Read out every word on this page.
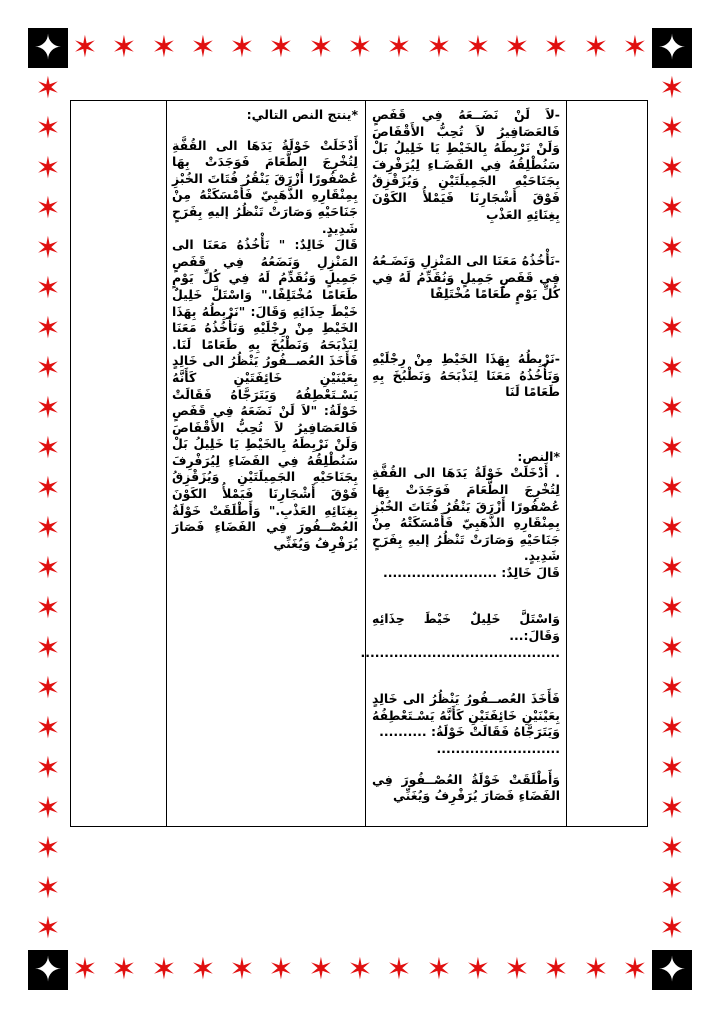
✶
✶
✶
✶
✶
✶
✶
✶
✶
✶
✶
✶
✶
✶
✶
✶
✶
✶
✶
✶
✶
✶
✶
✶
✶
✶
✶
✶
✶
✶
✶	✶
✶	✶
✶	✶
✶	✶
✶	✶
✶	✶
✶	✶
✶	✶
✶	✶
✶	✶
✶	✶
✶	✶
✶	✶
✶	✶
✶	✶
✶	✶
✶	✶
✶	✶
✶	✶
✶	✶
✶	✶
✶	✶
✦	✦
✦	✦

-لاَ لَنْ نَضَــعَهُ فِي قَفَصٍ فَالعَصَافِيرُ لاَ تُحِبُّ الأَقْفَاصَ وَلَنْ نَرْبِطَهُ بِالخَيْطِ يَا خَلِيلُ بَلْ سَنُطْلِقُهُ فِي الفَضَـاءِ لِيُرَفْرِفَ بِجَنَاحَيْهِ الجَمِيلَتَيْنِ وَيُزَقْزِقُ فَوْقَ أَشْجَارِنَا فَيَمْلأُ الكَوْنَ بِغِنَائِهِ العَذْبِ

-نَأْخُذُهُ مَعَنَا الى المَنْزِلِ وَنَضَـعُهُ فِي قَفَصٍ جَمِيلٍ وَنُقَدِّمُ لَهُ فِي كُلِّ يَوْمٍ طَعَامًا مُخْتَلِفًا

-نَرْبِطُهُ بِهَذَا الخَيْطِ مِنْ رِجْلَيْهِ وَنَأْخُذُهُ مَعَنَا لِنَذْبَحَهُ وَنَطْبُخَ بِهِ طَعَامًا لَنَا

*النص:

. أَدْخَلَتْ خَوْلَةُ يَدَهَا الى القُفَّةِ لِتُخْرِجَ الطَّعَامَ فَوَجَدَتْ بِهَا عُصْفُورًا أَزْرَقَ يَنْقُرُ فُتَاتَ الخُبْزِ بِمِنْقَارِهِ الذَّهَبِيّ فَأَمْسَكَتْهُ مِنْ جَنَاحَيْهِ وَصَارَتْ تَنْظُرُ إليهِ بِفَرَحٍ شَدِيدٍ.

قَالَ خَالِدٌ: ........................

وَاسْتَلَّ خَلِيلٌ خَيْطَ حِذَائِهِ وَقَالَ:...

..........................................

فَأَخَذَ العُصــفُورُ يَنْظُرُ الى خَالِدٍ بِعَيْنَيْنِ خَائِفَتَيْنِ كَأَنَّهُ يَسْـتَعْطِفُهُ وَيَتَرَجَّاهُ فَقَالَتْ خَوْلَةُ: ..........

..........................

وَأَطْلَقَتْ خَوْلَةُ العُصْــفُورَ فِي الفَضَاءِ فَصَارَ يُرَفْرِفُ وَيُغَنِّي

*ينتج النص التالي:

أَدْخَلَتْ خَوْلَةُ يَدَهَا الى القُفَّةِ لِتُخْرِجَ الطَّعَامَ فَوَجَدَتْ بِهَا عُصْفُورًا أَزْرَقَ يَنْقُرُ فُتَاتَ الخُبْزِ بِمِنْقَارِهِ الذَّهَبِيّ فَأَمْسَكَتْهُ مِنْ جَنَاحَيْهِ وَصَارَتْ تَنْظُرُ إليهِ بِفَرَحٍ شَدِيدٍ.

قَالَ خَالِدٌ: " نَأْخُذُهُ مَعَنَا الى المَنْزِلِ وَنَضَعُهُ فِي قَفَصٍ جَمِيلٍ وَنُقَدِّمُ لَهُ فِي كُلِّ يَوْمٍ طَعَامًا مُخْتَلِفًا." وَاسْتَلَّ خَلِيلٌ خَيْطَ حِذَائِهِ وَقَالَ: "نَرْبِطُهُ بِهَذَا الخَيْطِ مِنْ رِجْلَيْهِ وَنَأْخُذُهُ مَعَنَا لِنَذْبَحَهُ وَنَطْبُخَ بِهِ طَعَامًا لَنَا. فَأَخَذَ العُصــفُورُ يَنْظُرُ الى خَالِدٍ بِعَيْنَيْنِ خَائِفَتَيْنِ كَأَنَّهُ يَسْـتَعْطِفُهُ وَيَتَرَجَّاهُ فَقَالَتْ خَوْلَةُ: "لاَ لَنْ نَضَعَهُ فِي قَفَصٍ فَالعَصَافِيرُ لاَ تُحِبُّ الأَقْفَاصَ وَلَنْ نَرْبِطَهُ بِالخَيْطِ يَا خَلِيلُ بَلْ سَنُطْلِقُهُ فِي الفَضَاءِ لِيُرَفْرِفَ بِجَنَاحَيْهِ الجَمِيلَتَيْنِ وَيُزَقْزِقُ فَوْقَ أَشْجَارِنَا فَيَمْلأُ الكَوْنَ بِغِنَائِهِ العَذْبِ." وَأَطْلَقَتْ خَوْلَةُ العُصْــفُورَ فِي الفَضَاءِ فَصَارَ يُرَفْرِفُ وَيُغَنِّي
